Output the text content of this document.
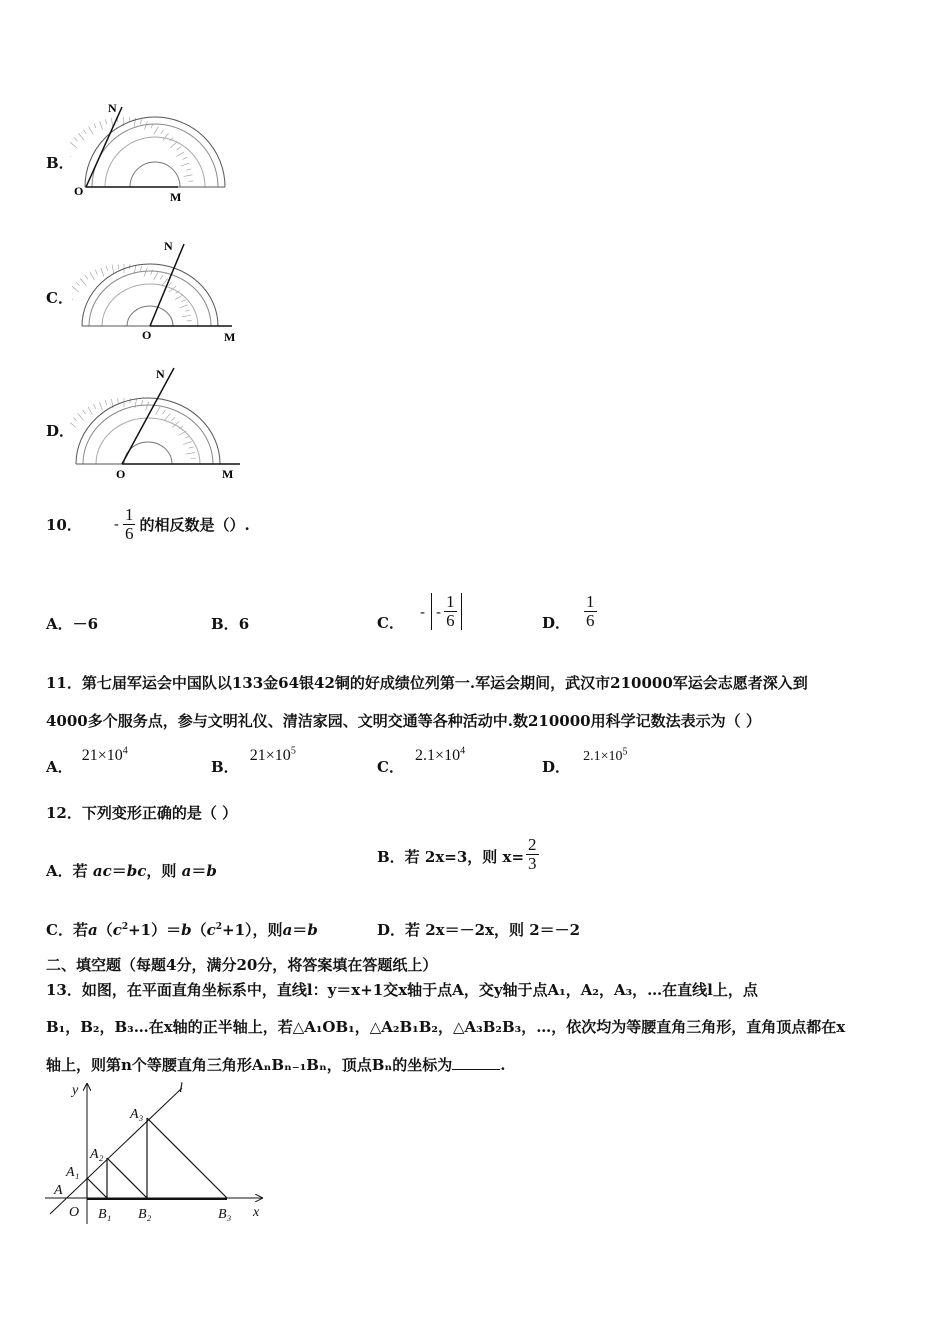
B．
N
O	M
C．
N
O	M
D．
N
O	M
10． - $\frac{1}{6}$ 的相反数是（）.
A．－6	B．6	C．
- - $\frac{1}{6}$	D． $\frac{1}{6}$
11．第七届军运会中国队以133金64银42铜的好成绩位列第一.军运会期间，武汉市210000军运会志愿者深入到
4000多个服务点，参与文明礼仪、清洁家园、文明交通等各种活动中.数210000用科学记数法表示为（ ）
A． $21\times 10^4$
B． $21\times 10^5$
C． $2.1\times 10^4$
D． $2.1\times 10^5$
12．下列变形正确的是（ ）
A．若 ac＝bc，则 a＝b
B．若 2x=3，则 $x= \frac{2}{3}$
C．若$a(c^2+1)=b(c^2+1)$，则a＝b	D．若 2x＝－2x，则 2＝－2
二、填空题（每题4分，满分20分，将答案填在答题纸上）
13．如图，在平面直角坐标系中，直线l：y＝x+1交x轴于点A，交y轴于点A₁，A₂，A₃，…在直线l上，点
B₁，B₂，B₃…在x轴的正半轴上，若△A₁OB₁，△A₂B₁B₂，△A₃B₂B₃，…，依次均为等腰直角三角形，直角顶点都在x
轴上，则第n个等腰直角三角形AₙBₙ₋₁Bₙ，顶点Bₙ的坐标为	.
y
x
l
A
A₁
A₂
A₃
O B₁ B₂	B₃
